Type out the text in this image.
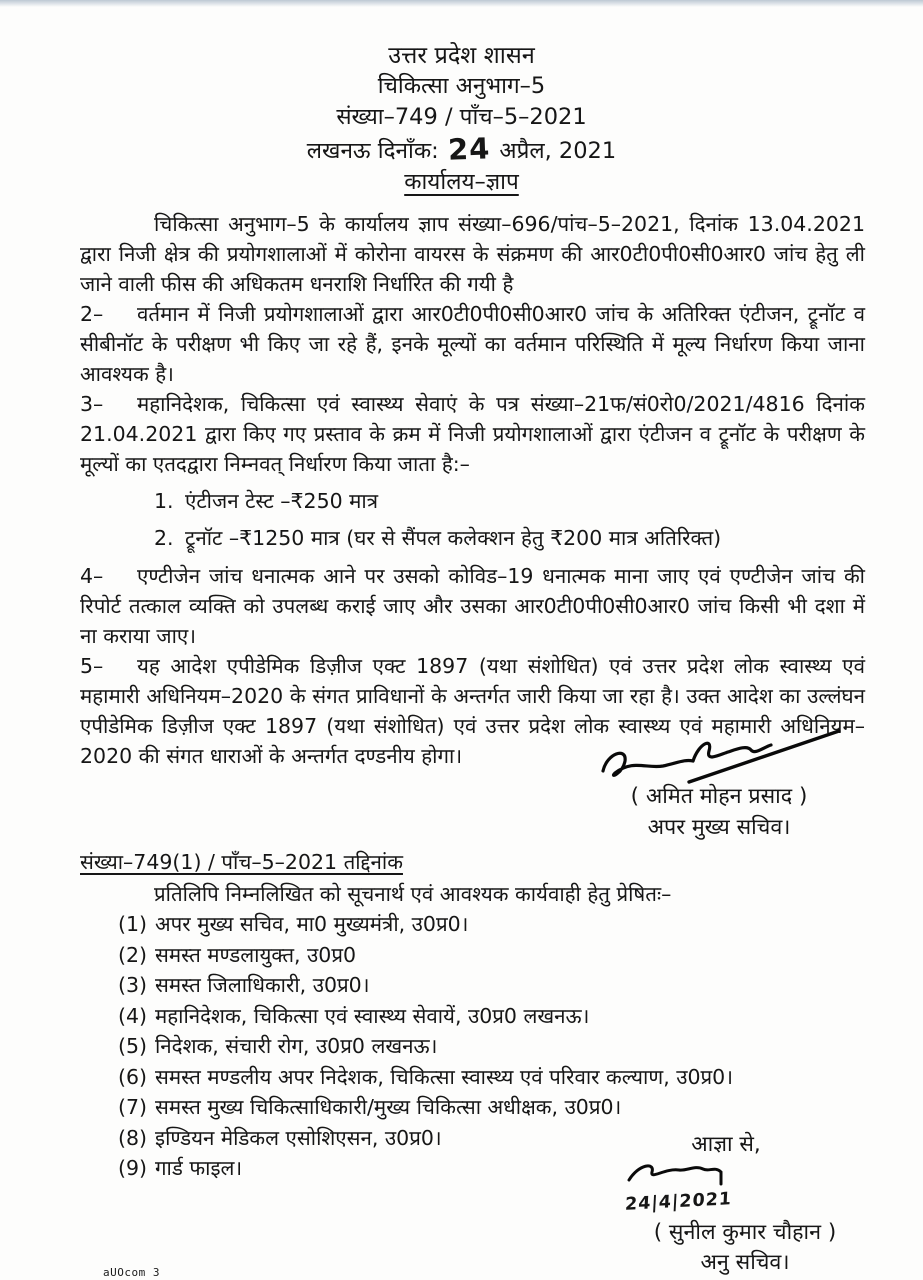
उत्तर प्रदेश शासन
चिकित्सा अनुभाग–5
संख्या–749 / पाँच–5–2021
लखनऊ दिनाँक: 24 अप्रैल, 2021
कार्यालय–ज्ञाप

चिकित्सा अनुभाग–5 के कार्यालय ज्ञाप संख्या–696/पांच–5–2021, दिनांक 13.04.2021 द्वारा निजी क्षेत्र की प्रयोगशालाओं में कोरोना वायरस के संक्रमण की आर0टी0पी0सी0आर0 जांच हेतु ली जाने वाली फीस की अधिकतम धनराशि निर्धारित की गयी है

2– वर्तमान में निजी प्रयोगशालाओं द्वारा आर0टी0पी0सी0आर0 जांच के अतिरिक्त एंटीजन, ट्रूनॉट व सीबीनॉट के परीक्षण भी किए जा रहे हैं, इनके मूल्यों का वर्तमान परिस्थिति में मूल्य निर्धारण किया जाना आवश्यक है।

3– महानिदेशक, चिकित्सा एवं स्वास्थ्य सेवाएं के पत्र संख्या–21फ/सं0रो0/2021/4816 दिनांक 21.04.2021 द्वारा किए गए प्रस्ताव के क्रम में निजी प्रयोगशालाओं द्वारा एंटीजन व ट्रूनॉट के परीक्षण के मूल्यों का एतदद्वारा निम्नवत् निर्धारण किया जाता है:–

1. एंटीजन टेस्ट –₹250 मात्र
2. ट्रूनॉट –₹1250 मात्र (घर से सैंपल कलेक्शन हेतु ₹200 मात्र अतिरिक्त)

4– एण्टीजेन जांच धनात्मक आने पर उसको कोविड–19 धनात्मक माना जाए एवं एण्टीजेन जांच की रिपोर्ट तत्काल व्यक्ति को उपलब्ध कराई जाए और उसका आर0टी0पी0सी0आर0 जांच किसी भी दशा में ना कराया जाए।

5– यह आदेश एपीडेमिक डिज़ीज एक्ट 1897 (यथा संशोधित) एवं उत्तर प्रदेश लोक स्वास्थ्य एवं महामारी अधिनियम–2020 के संगत प्राविधानों के अन्तर्गत जारी किया जा रहा है। उक्त आदेश का उल्लंघन एपीडेमिक डिज़ीज एक्ट 1897 (यथा संशोधित) एवं उत्तर प्रदेश लोक स्वास्थ्य एवं महामारी अधिनियम–2020 की संगत धाराओं के अन्तर्गत दण्डनीय होगा।

( अमित मोहन प्रसाद )
अपर मुख्य सचिव।
संख्या–749(1) / पाँच–5–2021 तद्दिनांक

प्रतिलिपि निम्नलिखित को सूचनार्थ एवं आवश्यक कार्यवाही हेतु प्रेषितः–

(1) अपर मुख्य सचिव, मा0 मुख्यमंत्री, उ0प्र0।

(2) समस्त मण्डलायुक्त, उ0प्र0

(3) समस्त जिलाधिकारी, उ0प्र0।

(4) महानिदेशक, चिकित्सा एवं स्वास्थ्य सेवायें, उ0प्र0 लखनऊ।

(5) निदेशक, संचारी रोग, उ0प्र0 लखनऊ।

(6) समस्त मण्डलीय अपर निदेशक, चिकित्सा स्वास्थ्य एवं परिवार कल्याण, उ0प्र0।

(7) समस्त मुख्य चिकित्साधिकारी/मुख्य चिकित्सा अधीक्षक, उ0प्र0।

(8) इण्डियन मेडिकल एसोशिएसन, उ0प्र0।

(9) गार्ड फाइल।

आज्ञा से,
24|4|2021
( सुनील कुमार चौहान )
अनु सचिव।
aUOcom 3
